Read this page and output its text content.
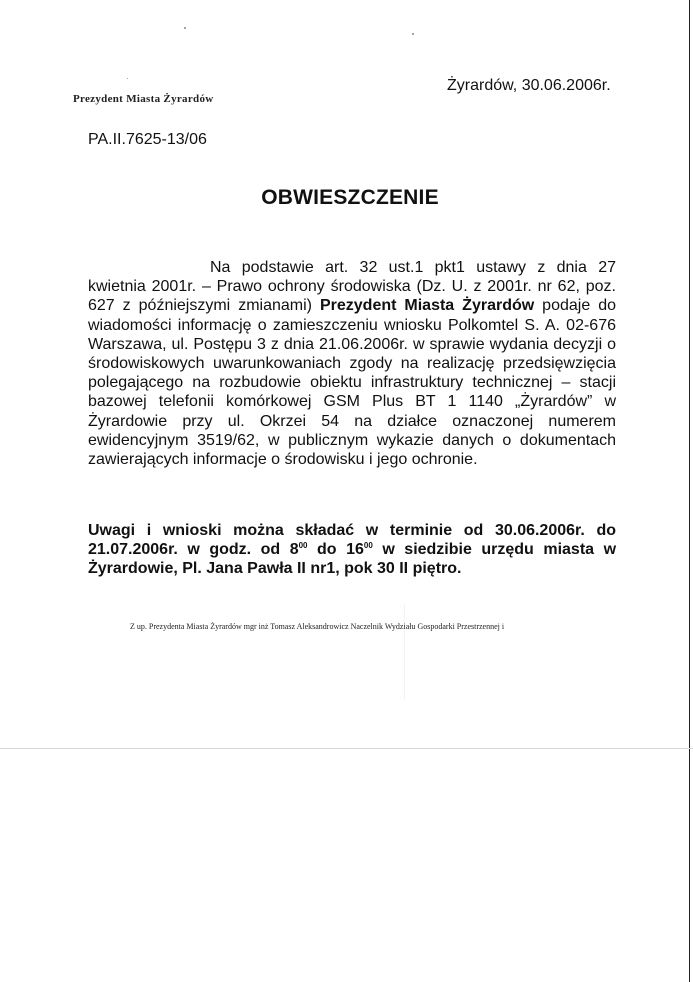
Prezydent Miasta Żyrardów
Żyrardów, 30.06.2006r.
PA.II.7625-13/06
OBWIESZCZENIE

Na podstawie art. 32 ust.1 pkt1 ustawy z dnia 27 kwietnia 2001r. – Prawo ochrony środowiska (Dz. U. z 2001r. nr 62, poz. 627 z późniejszymi zmianami) Prezydent Miasta Żyrardów podaje do wiadomości informację o zamieszczeniu wniosku Polkomtel S. A. 02-676 Warszawa, ul. Postępu 3 z dnia 21.06.2006r. w sprawie wydania decyzji o środowiskowych uwarunkowaniach zgody na realizację przedsięwzięcia polegającego na rozbudowie obiektu infrastruktury technicznej – stacji bazowej telefonii komórkowej GSM Plus BT 1 1140 „Żyrardów” w Żyrardowie przy ul. Okrzei 54 na działce oznaczonej numerem ewidencyjnym 3519/62, w publicznym wykazie danych o dokumentach zawierających informacje o środowisku i jego ochronie.

Uwagi i wnioski można składać w terminie od 30.06.2006r. do 21.07.2006r. w godz. od $8^{00}$ do $16^{00}$ w siedzibie urzędu miasta w Żyrardowie, Pl. Jana Pawła II nr1, pok 30 II piętro.

Z up. Prezydenta Miasta Żyrardów mgr inż Tomasz Aleksandrowicz Naczelnik Wydziału Gospodarki Przestrzennej i
